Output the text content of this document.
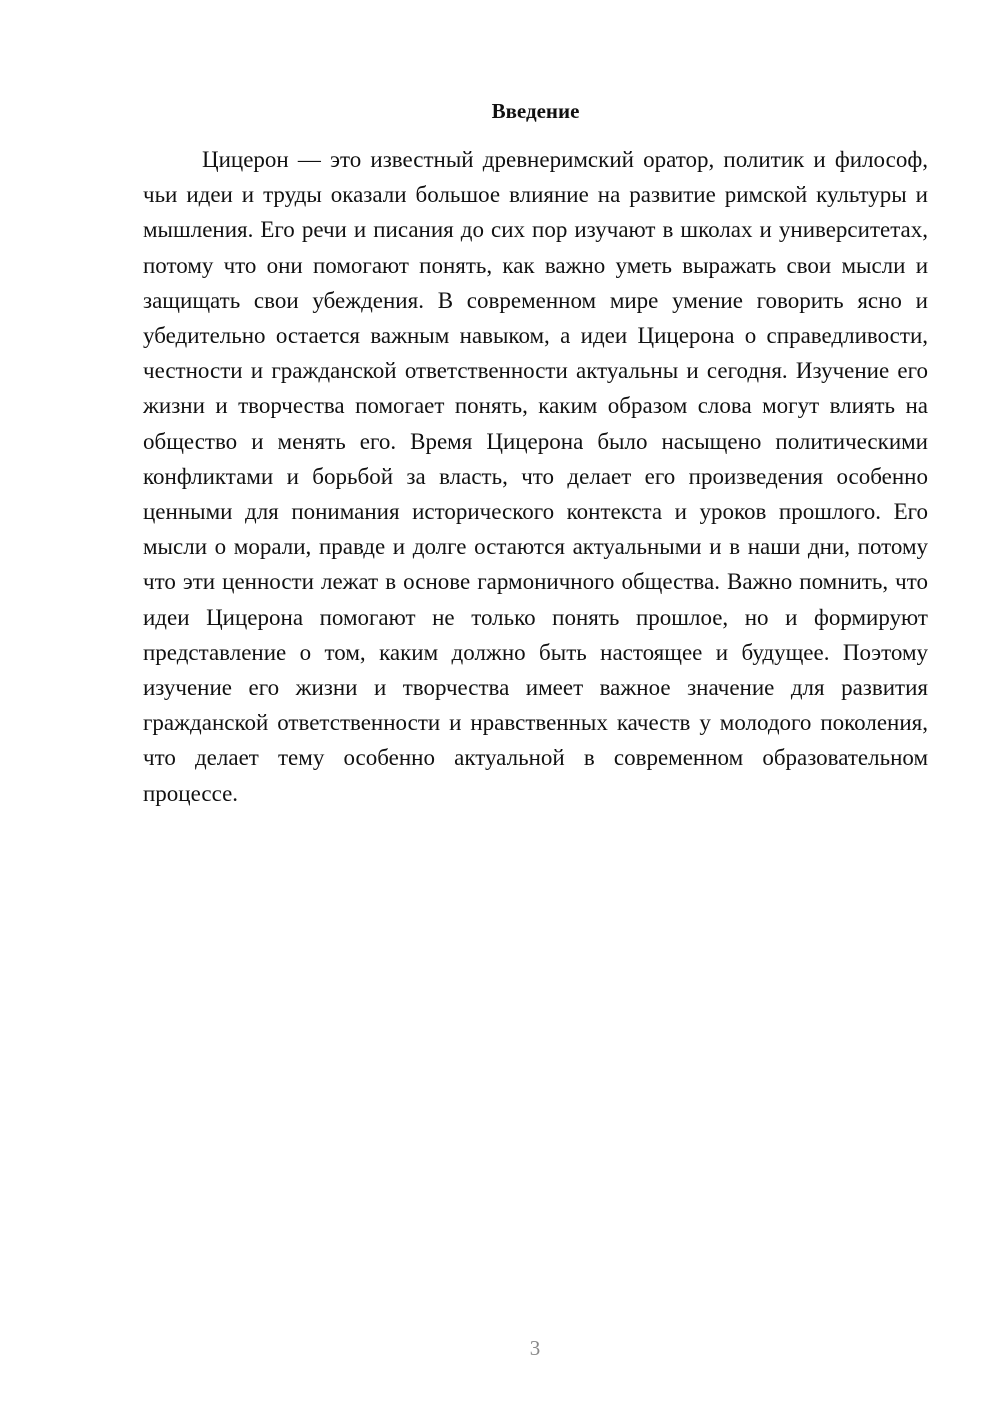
Введение

Цицерон — это известный древнеримский оратор, политик и философ, чьи идеи и труды оказали большое влияние на развитие римской культуры и мышления. Его речи и писания до сих пор изучают в школах и университетах, потому что они помогают понять, как важно уметь выражать свои мысли и защищать свои убеждения. В современном мире умение говорить ясно и убедительно остается важным навыком, а идеи Цицерона о справедливости, честности и гражданской ответственности актуальны и сегодня. Изучение его жизни и творчества помогает понять, каким образом слова могут влиять на общество и менять его. Время Цицерона было насыщено политическими конфликтами и борьбой за власть, что делает его произведения особенно ценными для понимания исторического контекста и уроков прошлого. Его мысли о морали, правде и долге остаются актуальными и в наши дни, потому что эти ценности лежат в основе гармоничного общества. Важно помнить, что идеи Цицерона помогают не только понять прошлое, но и формируют представление о том, каким должно быть настоящее и будущее. Поэтому изучение его жизни и творчества имеет важное значение для развития гражданской ответственности и нравственных качеств у молодого поколения, что делает тему особенно актуальной в современном образовательном процессе.

3
